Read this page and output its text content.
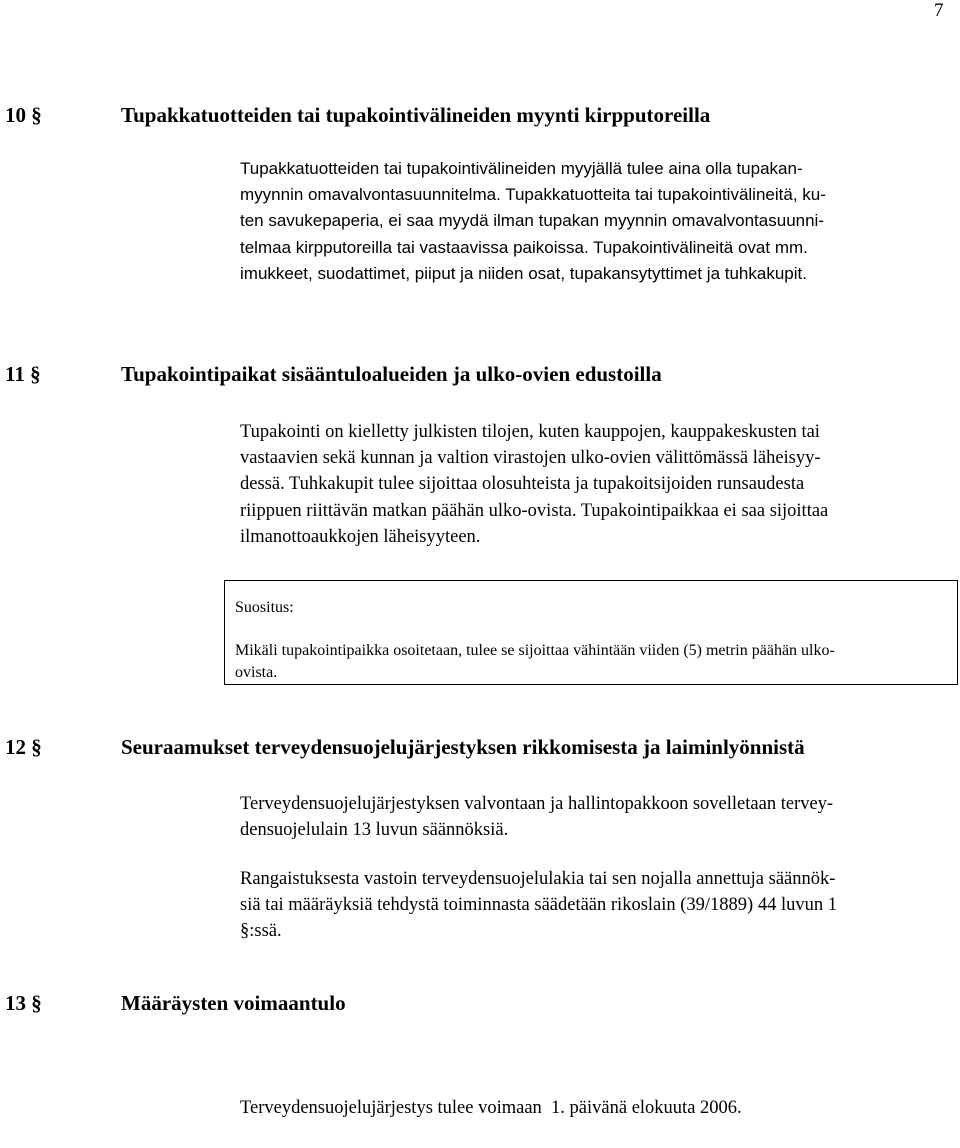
7
10 §	Tupakkatuotteiden tai tupakointivälineiden myynti kirpputoreilla
Tupakkatuotteiden tai tupakointivälineiden myyjällä tulee aina olla tupakan-
myynnin omavalvontasuunnitelma. Tupakkatuotteita tai tupakointivälineitä, ku-
ten savukepaperia, ei saa myydä ilman tupakan myynnin omavalvontasuunni-
telmaa kirpputoreilla tai vastaavissa paikoissa. Tupakointivälineitä ovat mm.
imukkeet, suodattimet, piiput ja niiden osat, tupakansytyttimet ja tuhkakupit.
11 §	Tupakointipaikat sisääntuloalueiden ja ulko-ovien edustoilla
Tupakointi on kielletty julkisten tilojen, kuten kauppojen, kauppakeskusten tai
vastaavien sekä kunnan ja valtion virastojen ulko-ovien välittömässä läheisyy-
dessä. Tuhkakupit tulee sijoittaa olosuhteista ja tupakoitsijoiden runsaudesta
riippuen riittävän matkan päähän ulko-ovista. Tupakointipaikkaa ei saa sijoittaa
ilmanottoaukkojen läheisyyteen.
Suositus:
Mikäli tupakointipaikka osoitetaan, tulee se sijoittaa vähintään viiden (5) metrin päähän ulko-
ovista.
12 §	Seuraamukset terveydensuojelujärjestyksen rikkomisesta ja laiminlyönnistä
Terveydensuojelujärjestyksen valvontaan ja hallintopakkoon sovelletaan tervey-
densuojelulain 13 luvun säännöksiä.
Rangaistuksesta vastoin terveydensuojelulakia tai sen nojalla annettuja säännök-
siä tai määräyksiä tehdystä toiminnasta säädetään rikoslain (39/1889) 44 luvun 1
§:ssä.
13 §	Määräysten voimaantulo

Terveydensuojelujärjestys tulee voimaan  1. päivänä elokuuta 2006.
